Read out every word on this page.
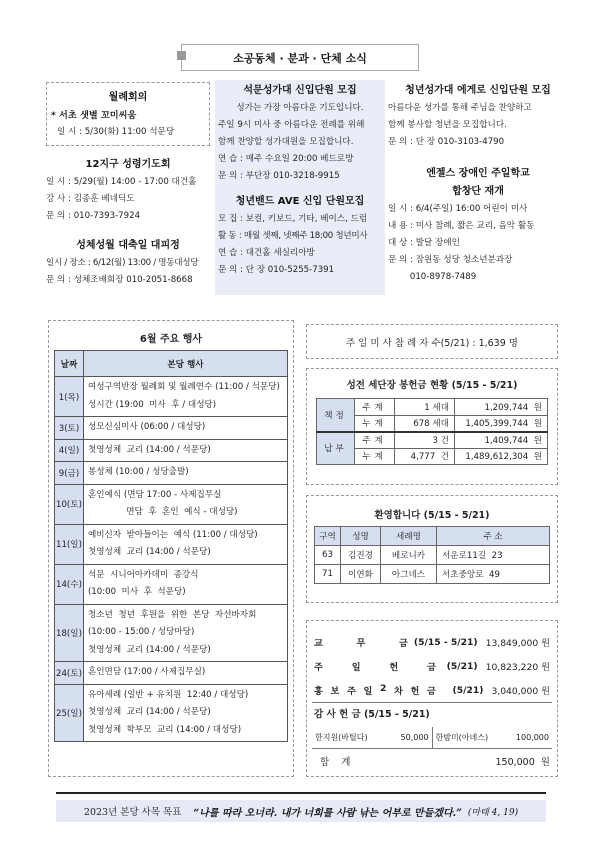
소공동체 · 분과 · 단체 소식
월례회의
* 서초 샛별 꼬미씨움
일 시 : 5/30(화) 11:00 석문당
12지구 성령기도회
일 시 : 5/29(월) 14:00 - 17:00 대건홀
강 사 : 김종훈 베네딕도
문 의 : 010-7393-7924
성체성월 대축일 대피정
일시 / 장소 : 6/12(월) 13:00 / 명동대성당
문 의 : 성체조배회장 010-2051-8668
석문성가대 신입단원 모집
성가는 가장 아름다운 기도입니다.
주일 9시 미사 중 아름다운 전례를 위해
함께 찬양할 성가대원을 모집합니다.
연 습 : 매주 수요일 20:00 베드로방
문 의 : 부단장 010-3218-9915
청년밴드 AVE 신입 단원모집
모 집 : 보컬, 키보드, 기타, 베이스, 드럼
활 동 : 매월 셋째, 넷째주 18:00 청년미사
연 습 : 대건홀 세실리아방
문 의 : 단 장 010-5255-7391
청년성가대 에게로 신입단원 모집
아름다운 성가를 통해 주님을 찬양하고
함께 봉사할 청년을 모집합니다.
문 의 : 단 장 010-3103-4790
엔젤스 장애인 주일학교
합창단 재개
일 시 : 6/4(주일) 16:00 어린이 미사
내 용 : 미사 참례, 짧은 교리, 음악 활동
대 상 : 발달 장애인
문 의 : 잠원동 성당 청소년분과장
010-8978-7489
6월 주요 행사
날짜	본당 행사
1(목)	여성구역반장 월례회 및 월례연수 (11:00 / 석문당)
성시간 (19:00  미사  후 / 대성당)

3(토)	성모신심미사 (06:00 / 대성당)

4(일)	첫영성체  교리 (14:00 / 석문당)

9(금)	봉성체 (10:00 / 성당출발)

10(토)	혼인예식 (면담 17:00 - 사제집무실
면담  후  혼인  예식 - 대성당)

11(일)	예비신자  받아들이는  예식 (11:00 / 대성당)
첫영성체  교리 (14:00 / 석문당)

14(수)	석문  시니어아카데미  종강식
(10:00  미사  후  석문당)

18(일)	청소년  청년  후원을  위한  본당  자선바자회
(10:00 - 15:00 / 성당마당)
첫영성체  교리 (14:00 / 석문당)

24(토)	혼인면담 (17:00 / 사제집무실)

25(일)	유아세례 (일반 + 유치원  12:40 / 대성당)
첫영성체  교리 (14:00 / 석문당)
첫영성체  학부모  교리 (14:00 / 대성당)
주 일 미 사 참 례 자 수(5/21) : 1,639 명
성전 세단장 봉헌금 현황 (5/15 - 5/21)
책정	주계	1 세대	1,209,744  원
	누계	678 세대	1,405,399,744  원
납부	주계	3 건	1,409,744  원
	누계	4,777  건	1,489,612,304  원
환영합니다 (5/15 - 5/21)
구역	성명	세례명	주 소
63	김진경	베로니카	서운로11길  23
71	이연화	아그네스	서초중앙로  49
교	무	금 (5/15 - 5/21) 13,849,000 원
주	일	헌	금 (5/21) 10,823,220 원
홍 보 주 일 2 차 헌 금 (5/21) 3,040,000 원
감 사 헌 금 (5/15 - 5/21)
한지원(바틸다)	50,000 한밤미(아녜스)	100,000
합    계	150,000  원
2023년 본당 사목 목표 “나를 따라 오너라. 내가 너희를 사람 낚는 어부로 만들겠다.” (마태 4, 19)
